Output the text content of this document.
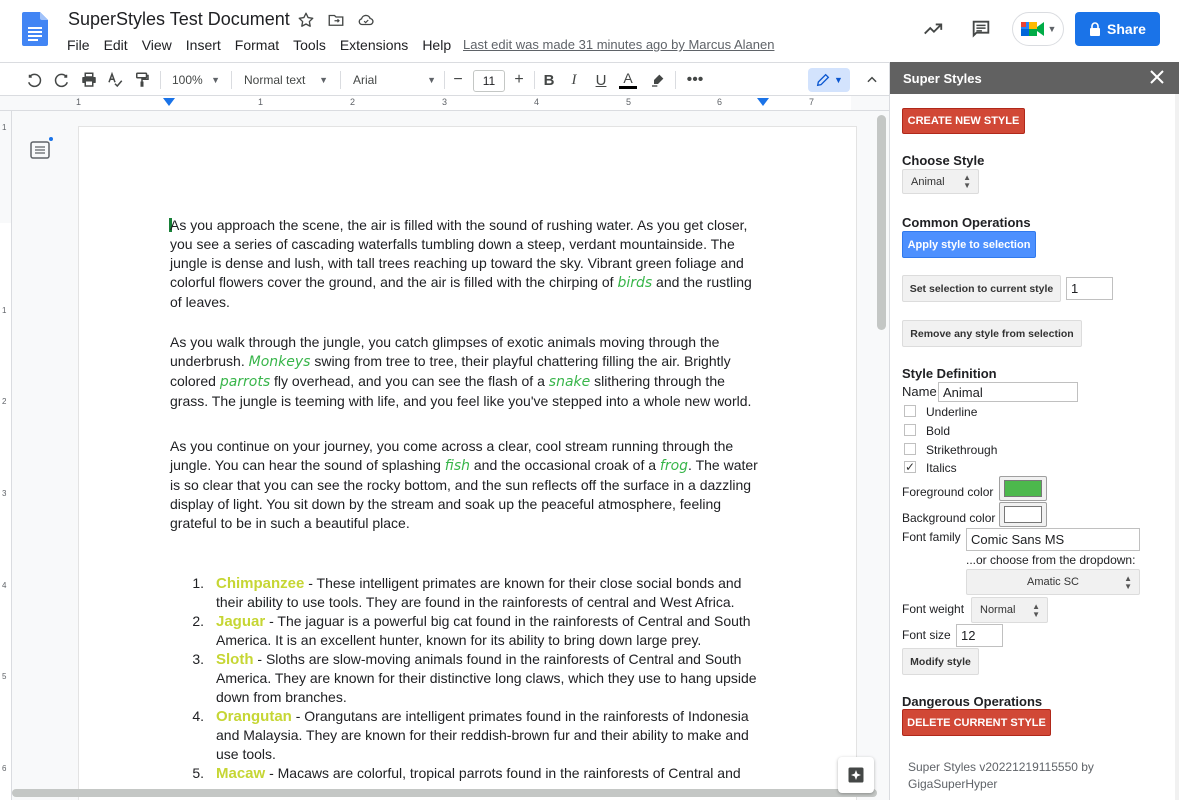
SuperStyles Test Document
File	Edit	View	Insert	Format	Tools	Extensions	Help Last edit was made 31 minutes ago by Marcus Alanen
▼	Share
100% ▼ Normal text ▼ Arial	▼	−	11	+	B	I	U	A	•••	▼
1	1	2	3	4	5	6	7
1
1
2
3
4
5
6

As you approach the scene, the air is filled with the sound of rushing water. As you get closer, you see a series of cascading waterfalls tumbling down a steep, verdant mountainside. The jungle is dense and lush, with tall trees reaching up toward the sky. Vibrant green foliage and colorful flowers cover the ground, and the air is filled with the chirping of birds and the rustling of leaves.

As you walk through the jungle, you catch glimpses of exotic animals moving through the underbrush. Monkeys swing from tree to tree, their playful chattering filling the air. Brightly colored parrots fly overhead, and you can see the flash of a snake slithering through the grass. The jungle is teeming with life, and you feel like you've stepped into a whole new world.

As you continue on your journey, you come across a clear, cool stream running through the jungle. You can hear the sound of splashing fish and the occasional croak of a frog. The water is so clear that you can see the rocky bottom, and the sun reflects off the surface in a dazzling display of light. You sit down by the stream and soak up the peaceful atmosphere, feeling grateful to be in such a beautiful place.

1. Chimpanzee - These intelligent primates are known for their close social bonds and their ability to use tools. They are found in the rainforests of central and West Africa.
2. Jaguar - The jaguar is a powerful big cat found in the rainforests of Central and South America. It is an excellent hunter, known for its ability to bring down large prey.
3. Sloth - Sloths are slow-moving animals found in the rainforests of Central and South America. They are known for their distinctive long claws, which they use to hang upside down from branches.
4. Orangutan - Orangutans are intelligent primates found in the rainforests of Indonesia and Malaysia. They are known for their reddish-brown fur and their ability to make and use tools.
5. Macaw - Macaws are colorful, tropical parrots found in the rainforests of Central and
Super Styles
CREATE NEW STYLE
Choose Style
Animal ▲
▼
Common Operations
Apply style to selection
Set selection to current style	1
Remove any style from selection
Style Definition
Name Animal
Underline
Bold
Strikethrough
✓ Italics
Foreground color
Background color
Font family Comic Sans MS
...or choose from the dropdown:
Amatic SC	▲
▼
Font weight Normal ▲
▼
Font size 12
Modify style
Dangerous Operations
DELETE CURRENT STYLE
Super Styles v20221219115550 by
GigaSuperHyper
